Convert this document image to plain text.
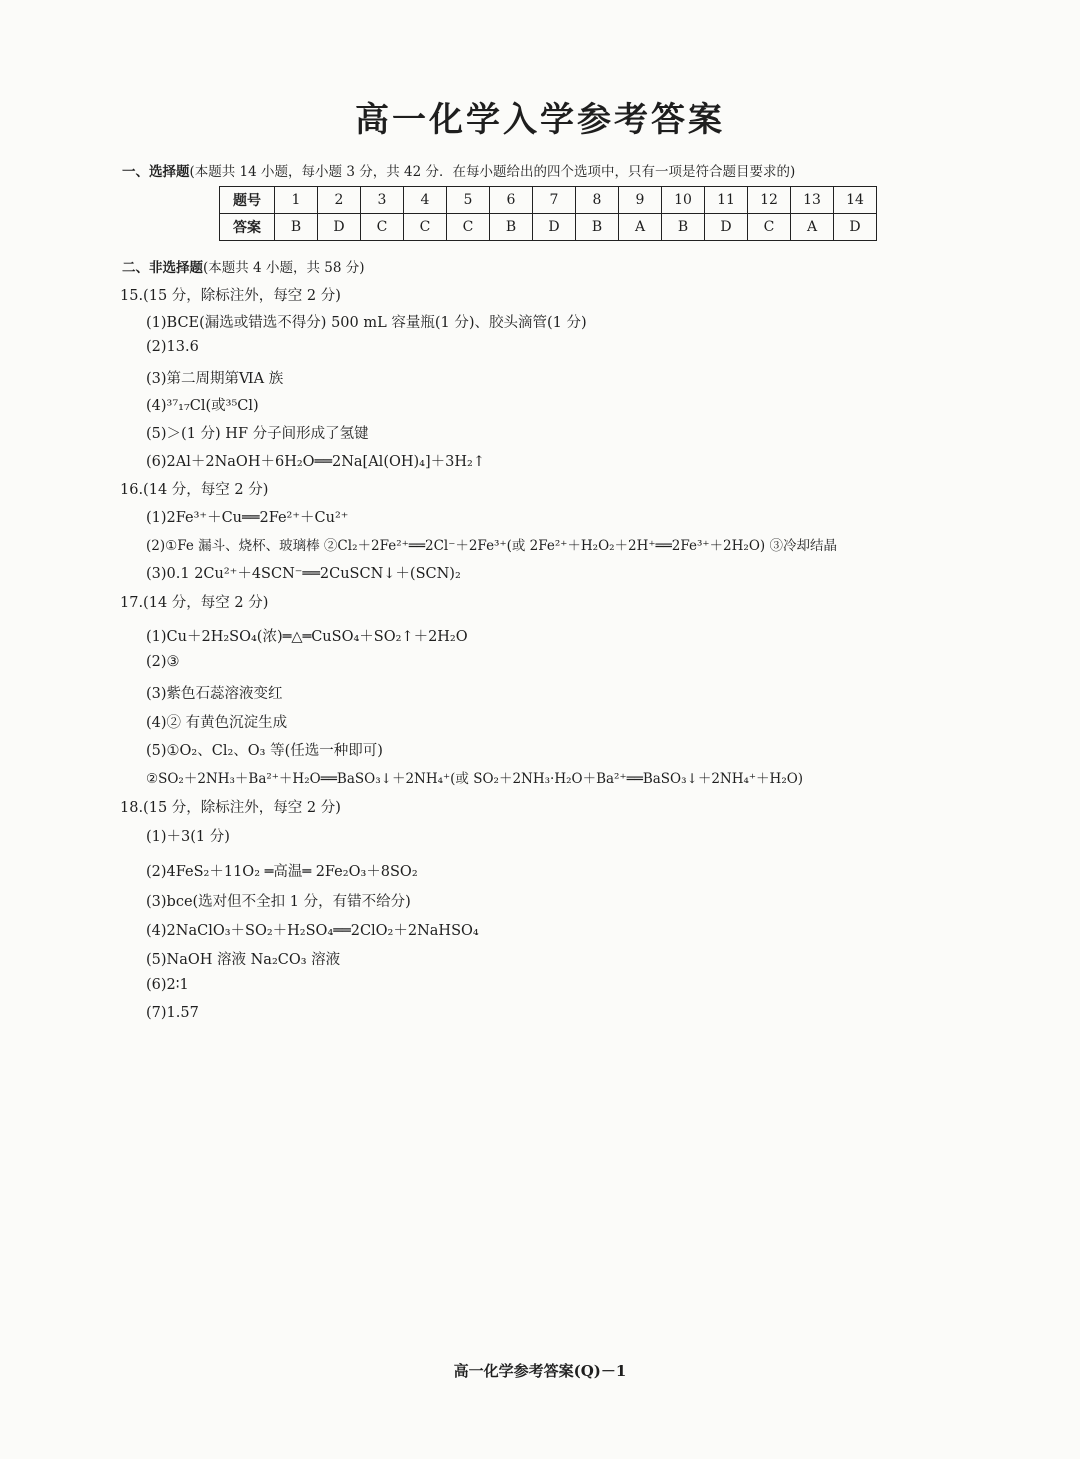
高一化学入学参考答案
一、选择题(本题共 14 小题，每小题 3 分，共 42 分．在每小题给出的四个选项中，只有一项是符合题目要求的)
题号	1	2	3	4	5	6	7	8	9	10	11	12	13	14
答案	B	D	C	C	C	B	D	B	A	B	D	C	A	D
二、非选择题(本题共 4 小题，共 58 分)
15.(15 分，除标注外，每空 2 分)
(1)BCE(漏选或错选不得分) 500 mL 容量瓶(1 分)、胶头滴管(1 分)
(2)13.6
(3)第二周期第ⅥA 族
(4)³⁷₁₇Cl(或³⁵Cl)
(5)＞(1 分) HF 分子间形成了氢键
(6)2Al＋2NaOH＋6H₂O══2Na[Al(OH)₄]＋3H₂↑
16.(14 分，每空 2 分)
(1)2Fe³⁺＋Cu══2Fe²⁺＋Cu²⁺
(2)①Fe 漏斗、烧杯、玻璃棒 ②Cl₂＋2Fe²⁺══2Cl⁻＋2Fe³⁺(或 2Fe²⁺＋H₂O₂＋2H⁺══2Fe³⁺＋2H₂O) ③冷却结晶
(3)0.1 2Cu²⁺＋4SCN⁻══2CuSCN↓＋(SCN)₂
17.(14 分，每空 2 分)
(1)Cu＋2H₂SO₄(浓)═△═CuSO₄＋SO₂↑＋2H₂O
(2)③
(3)紫色石蕊溶液变红
(4)② 有黄色沉淀生成
(5)①O₂、Cl₂、O₃ 等(任选一种即可)
②SO₂＋2NH₃＋Ba²⁺＋H₂O══BaSO₃↓＋2NH₄⁺(或 SO₂＋2NH₃·H₂O＋Ba²⁺══BaSO₃↓＋2NH₄⁺＋H₂O)
18.(15 分，除标注外，每空 2 分)
(1)＋3(1 分)
(2)4FeS₂＋11O₂ ═高温═ 2Fe₂O₃＋8SO₂
(3)bce(选对但不全扣 1 分，有错不给分)
(4)2NaClO₃＋SO₂＋H₂SO₄══2ClO₂＋2NaHSO₄
(5)NaOH 溶液 Na₂CO₃ 溶液
(6)2∶1
(7)1.57
高一化学参考答案(Q)－1
